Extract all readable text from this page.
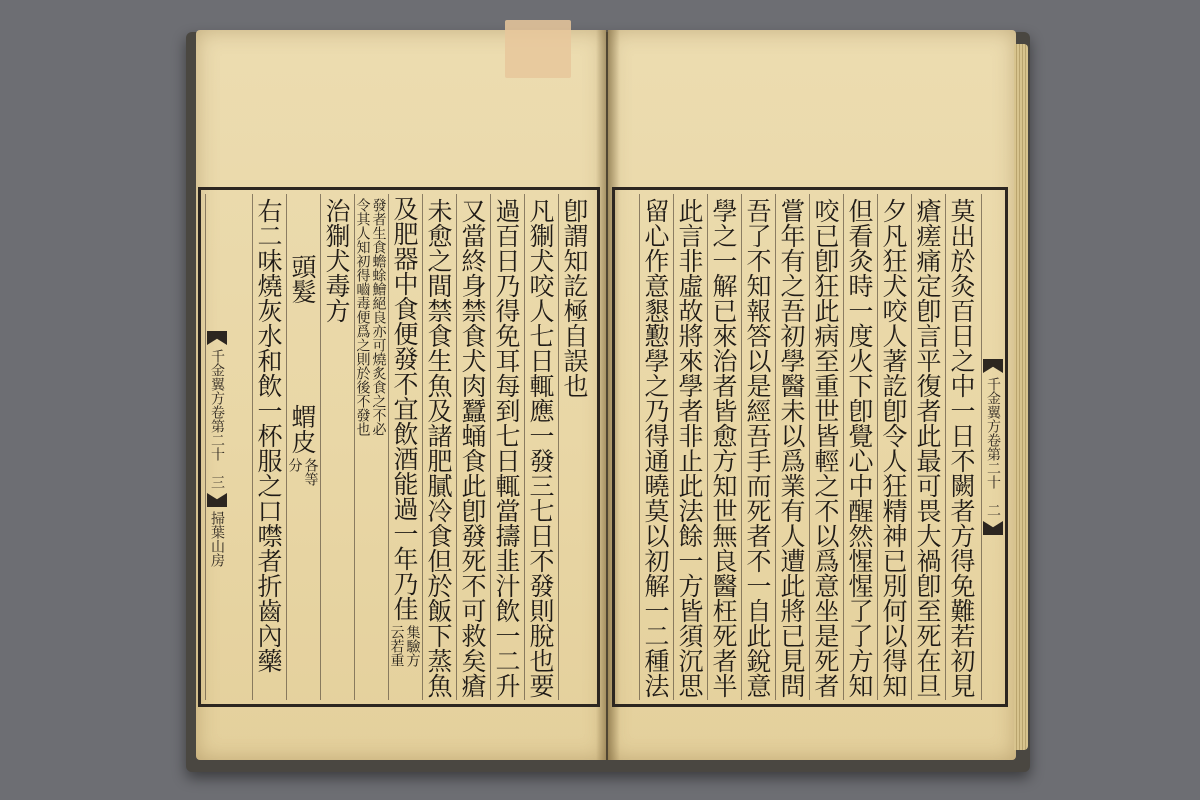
卽謂知訖極自誤也
凡猘犬咬人七日輒應一發三七日不發則脫也要
過百日乃得免耳每到七日輒當擣韭汁飲一二升
又當終身禁食犬肉蠶蛹食此卽發死不可救矣瘡
未愈之間禁食生魚及諸肥膩冷食但於飯下蒸魚
及肥器中食便發不宜飲酒能過一年乃佳
集驗方
云若重
發者生食蟾蜍鱠絕良亦可燒炙食之不必
令其人知初得嚙毒便爲之則於後不發也
治猘犬毒方
頭髮
蝟皮
各等
分
右二味燒灰水和飲一杯服之口噤者折齒內藥
千金翼方卷第二十
三
掃葉山房
千金翼方卷第二十
二
莫出於灸百日之中一日不闕者方得免難若初見
瘡瘥痛定卽言平復者此最可畏大禍卽至死在旦
夕凡狂犬咬人著訖卽令人狂精神已別何以得知
但看灸時一度火下卽覺心中醒然惺惺了了方知
咬已卽狂此病至重世皆輕之不以爲意坐是死者
嘗年有之吾初學醫未以爲業有人遭此將已見問
吾了不知報答以是經吾手而死者不一自此銳意
學之一解已來治者皆愈方知世無良醫枉死者半
此言非虛故將來學者非止此法餘一方皆須沉思
留心作意懇懃學之乃得通曉莫以初解一二種法
